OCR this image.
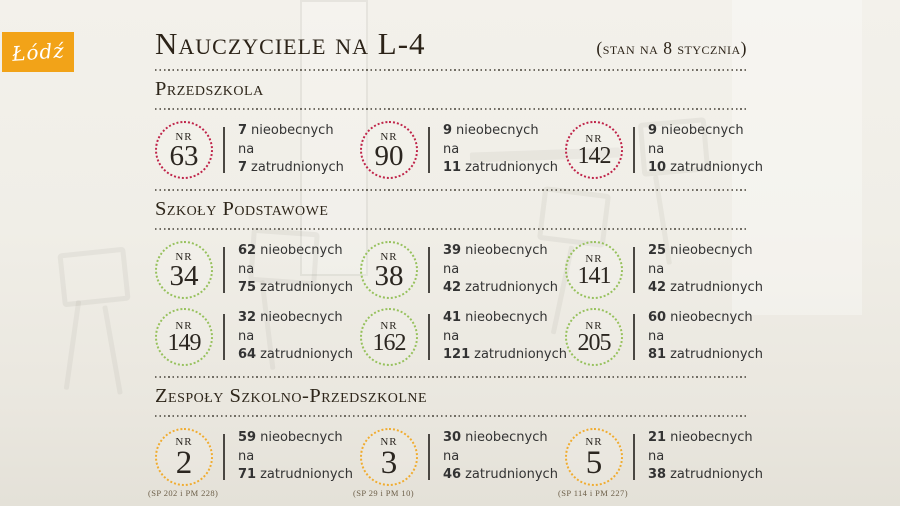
Łódź	Nauczyciele na L-4	(stan na 8 stycznia)
Przedszkola
NR
63
7 nieobecnych
na
7 zatrudnionych
NR
90
9 nieobecnych
na
11 zatrudnionych
NR
142
9 nieobecnych
na
10 zatrudnionych
Szkoły Podstawowe
NR
34
62 nieobecnych
na
75 zatrudnionych
NR
38
39 nieobecnych
na
42 zatrudnionych
NR
141
25 nieobecnych
na
42 zatrudnionych
NR
149
32 nieobecnych
na
64 zatrudnionych
NR
162
41 nieobecnych
na
121 zatrudnionych
NR
205
60 nieobecnych
na
81 zatrudnionych
Zespoły Szkolno-Przedszkolne
NR
2
59 nieobecnych
na
71 zatrudnionych
(SP 202 i PM 228)
NR
3
30 nieobecnych
na
46 zatrudnionych
(SP 29 i PM 10)
NR
5
21 nieobecnych
na
38 zatrudnionych
(SP 114 i PM 227)
